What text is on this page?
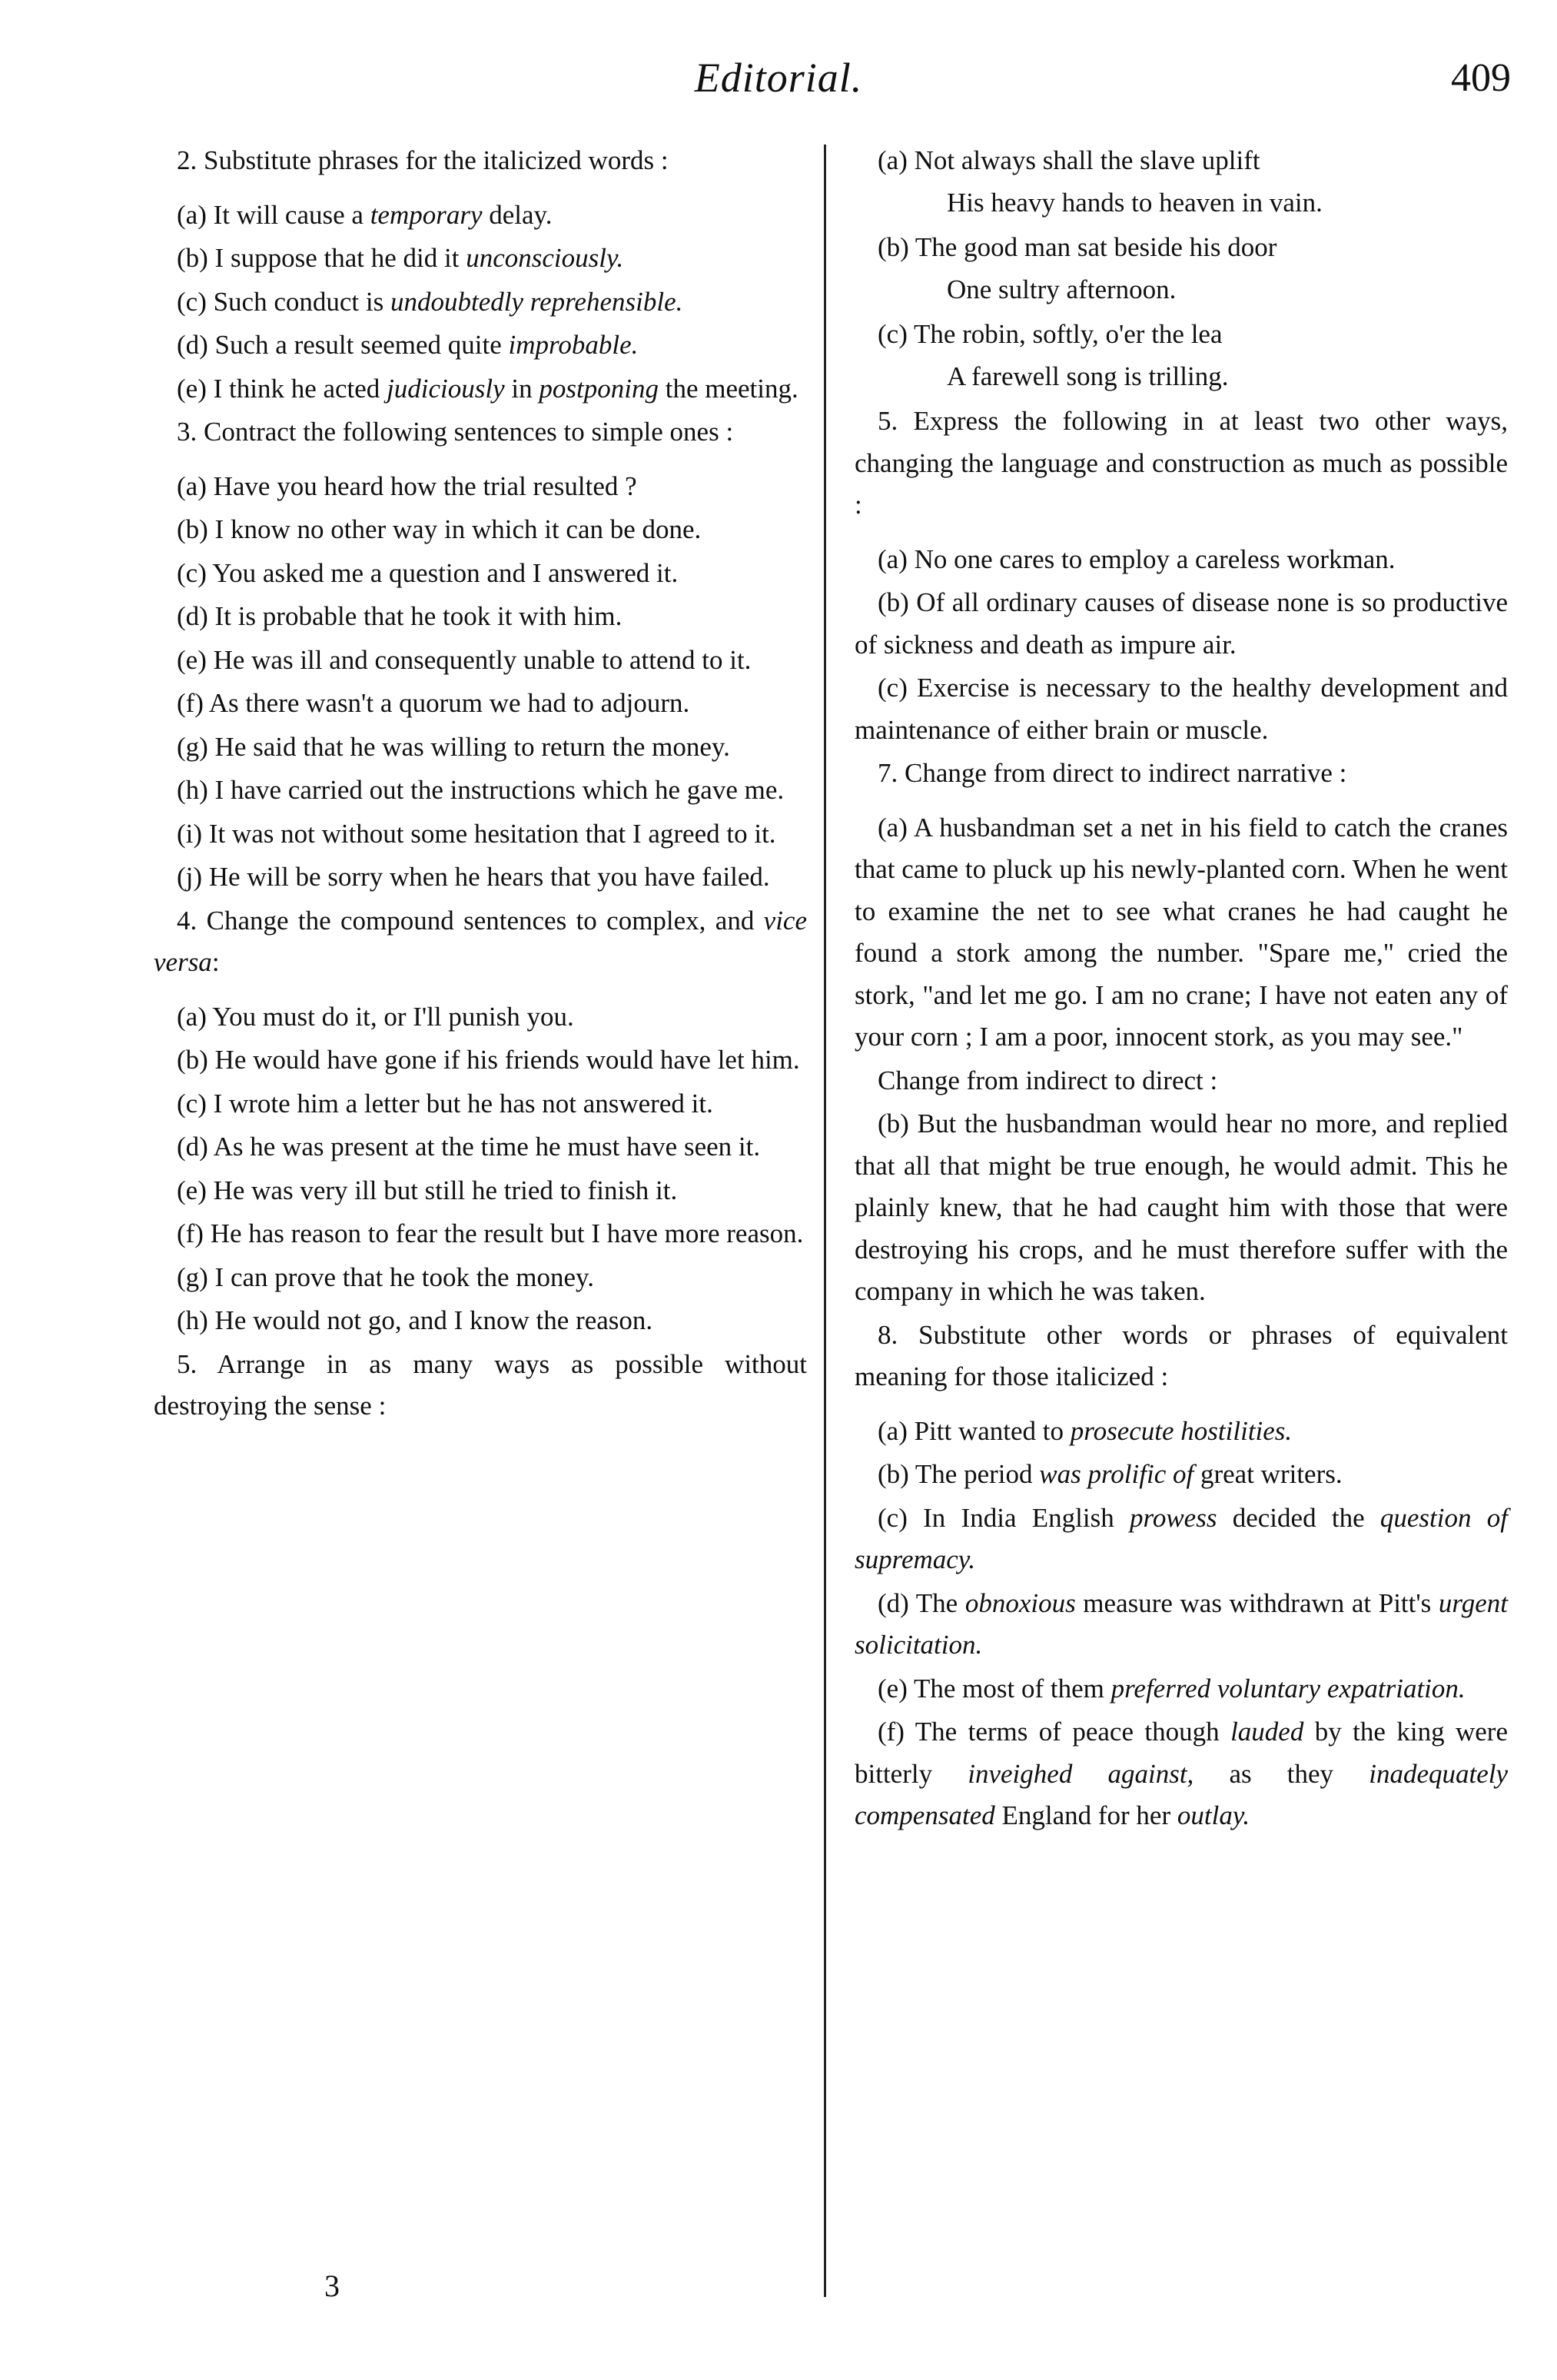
Editorial.	409

2. Substitute phrases for the italicized words :

(a) It will cause a temporary delay.

(b) I suppose that he did it unconsciously.

(c) Such conduct is undoubtedly reprehensible.

(d) Such a result seemed quite improbable.

(e) I think he acted judiciously in postponing the meeting.

3. Contract the following sentences to simple ones :

(a) Have you heard how the trial resulted ?

(b) I know no other way in which it can be done.

(c) You asked me a question and I answered it.

(d) It is probable that he took it with him.

(e) He was ill and consequently unable to attend to it.

(f) As there wasn't a quorum we had to adjourn.

(g) He said that he was willing to return the money.

(h) I have carried out the instructions which he gave me.

(i) It was not without some hesitation that I agreed to it.

(j) He will be sorry when he hears that you have failed.

4. Change the compound sentences to complex, and vice versa:

(a) You must do it, or I'll punish you.

(b) He would have gone if his friends would have let him.

(c) I wrote him a letter but he has not answered it.

(d) As he was present at the time he must have seen it.

(e) He was very ill but still he tried to finish it.

(f) He has reason to fear the result but I have more reason.

(g) I can prove that he took the money.

(h) He would not go, and I know the reason.

5. Arrange in as many ways as possible without destroying the sense :

(a) Not always shall the slave uplift
His heavy hands to heaven in vain.

(b) The good man sat beside his door
One sultry afternoon.

(c) The robin, softly, o'er the lea
A farewell song is trilling.

5. Express the following in at least two other ways, changing the language and construction as much as possible :

(a) No one cares to employ a careless workman.

(b) Of all ordinary causes of disease none is so productive of sickness and death as impure air.

(c) Exercise is necessary to the healthy development and maintenance of either brain or muscle.

7. Change from direct to indirect narrative :

(a) A husbandman set a net in his field to catch the cranes that came to pluck up his newly-planted corn. When he went to examine the net to see what cranes he had caught he found a stork among the number. "Spare me," cried the stork, "and let me go. I am no crane; I have not eaten any of your corn ; I am a poor, innocent stork, as you may see."

Change from indirect to direct :

(b) But the husbandman would hear no more, and replied that all that might be true enough, he would admit. This he plainly knew, that he had caught him with those that were destroying his crops, and he must therefore suffer with the company in which he was taken.

8. Substitute other words or phrases of equivalent meaning for those italicized :

(a) Pitt wanted to prosecute hostilities.

(b) The period was prolific of great writers.

(c) In India English prowess decided the question of supremacy.

(d) The obnoxious measure was withdrawn at Pitt's urgent solicitation.

(e) The most of them preferred voluntary expatriation.

(f) The terms of peace though lauded by the king were bitterly inveighed against, as they inadequately compensated England for her outlay.

3
